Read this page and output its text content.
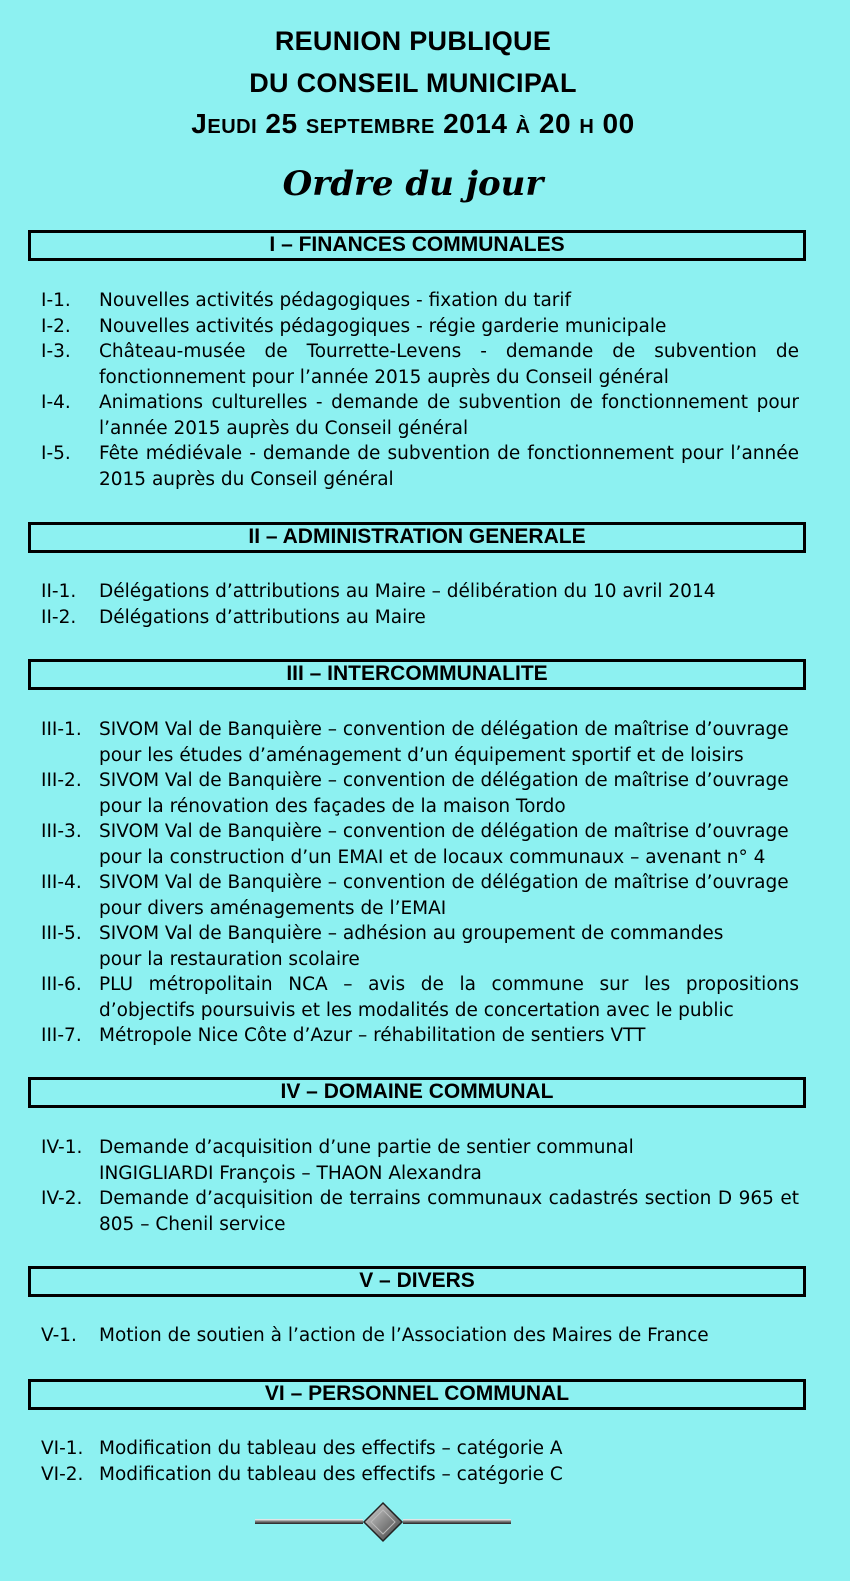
REUNION PUBLIQUE
DU CONSEIL MUNICIPAL
Jeudi 25 septembre 2014 à 20 h 00
Ordre du jour
I – FINANCES COMMUNALES
I-1.	Nouvelles activités pédagogiques - fixation du tarif
I-2.	Nouvelles activités pédagogiques - régie garderie municipale
I-3.	Château-musée de Tourrette-Levens - demande de subvention de fonctionnement pour l’année 2015 auprès du Conseil général
I-4.	Animations culturelles - demande de subvention de fonctionnement pour l’année 2015 auprès du Conseil général
I-5.	Fête médiévale - demande de subvention de fonctionnement pour l’année 2015 auprès du Conseil général
II – ADMINISTRATION GENERALE
II-1.	Délégations d’attributions au Maire – délibération du 10 avril 2014
II-2.	Délégations d’attributions au Maire
III – INTERCOMMUNALITE
III-1. SIVOM Val de Banquière – convention de délégation de maîtrise d’ouvrage pour les études d’aménagement d’un équipement sportif et de loisirs
III-2. SIVOM Val de Banquière – convention de délégation de maîtrise d’ouvrage pour la rénovation des façades de la maison Tordo
III-3. SIVOM Val de Banquière – convention de délégation de maîtrise d’ouvrage pour la construction d’un EMAI et de locaux communaux – avenant n° 4
III-4. SIVOM Val de Banquière – convention de délégation de maîtrise d’ouvrage pour divers aménagements de l’EMAI
III-5. SIVOM Val de Banquière – adhésion au groupement de commandes
pour la restauration scolaire
III-6. PLU métropolitain NCA – avis de la commune sur les propositions d’objectifs poursuivis et les modalités de concertation avec le public
III-7. Métropole Nice Côte d’Azur – réhabilitation de sentiers VTT
IV – DOMAINE COMMUNAL
IV-1. Demande d’acquisition d’une partie de sentier communal
INGIGLIARDI François – THAON Alexandra
IV-2. Demande d’acquisition de terrains communaux cadastrés section D 965 et 805 – Chenil service
V – DIVERS
V-1.	Motion de soutien à l’action de l’Association des Maires de France
VI – PERSONNEL COMMUNAL
VI-1. Modification du tableau des effectifs – catégorie A
VI-2. Modification du tableau des effectifs – catégorie C
